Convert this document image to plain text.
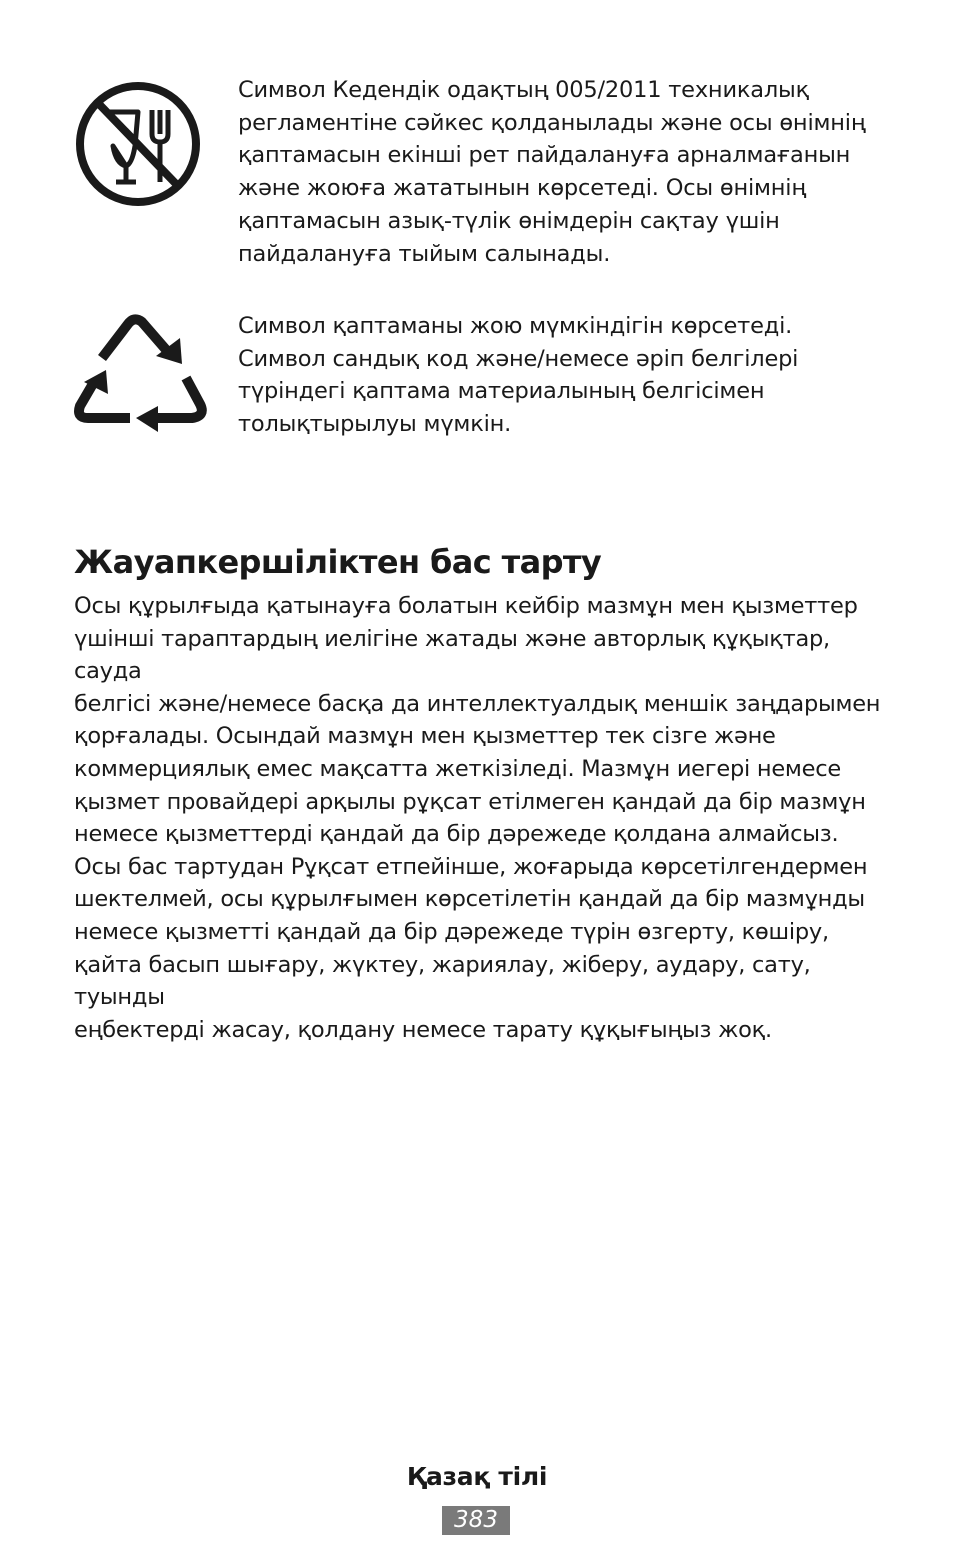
Символ Кедендік одақтың 005/2011 техникалық
регламентіне сәйкес қолданылады және осы өнімнің
қаптамасын екінші рет пайдалануға арналмағанын
және жоюға жататынын көрсетеді. Осы өнімнің
қаптамасын азық-түлік өнімдерін сақтау үшін
пайдалануға тыйым салынады.
Символ қаптаманы жою мүмкіндігін көрсетеді.
Символ сандық код және/немесе әріп белгілері
түріндегі қаптама материалының белгісімен
толықтырылуы мүмкін.
Жауапкершіліктен бас тарту

Осы құрылғыда қатынауға болатын кейбір мазмұн мен қызметтер
үшінші тараптардың иелігіне жатады және авторлық құқықтар, сауда
белгісі және/немесе басқа да интеллектуалдық меншік заңдарымен
қорғалады. Осындай мазмұн мен қызметтер тек сізге және
коммерциялық емес мақсатта жеткізіледі. Мазмұн иегері немесе
қызмет провайдері арқылы рұқсат етілмеген қандай да бір мазмұн
немесе қызметтерді қандай да бір дәрежеде қолдана алмайсыз.
Осы бас тартудан Рұқсат етпейінше, жоғарыда көрсетілгендермен
шектелмей, осы құрылғымен көрсетілетін қандай да бір мазмұнды
немесе қызметті қандай да бір дәрежеде түрін өзгерту, көшіру,
қайта басып шығару, жүктеу, жариялау, жіберу, аудару, сату, туынды
еңбектерді жасау, қолдану немесе тарату құқығыңыз жоқ.

Қазақ тілі
383
